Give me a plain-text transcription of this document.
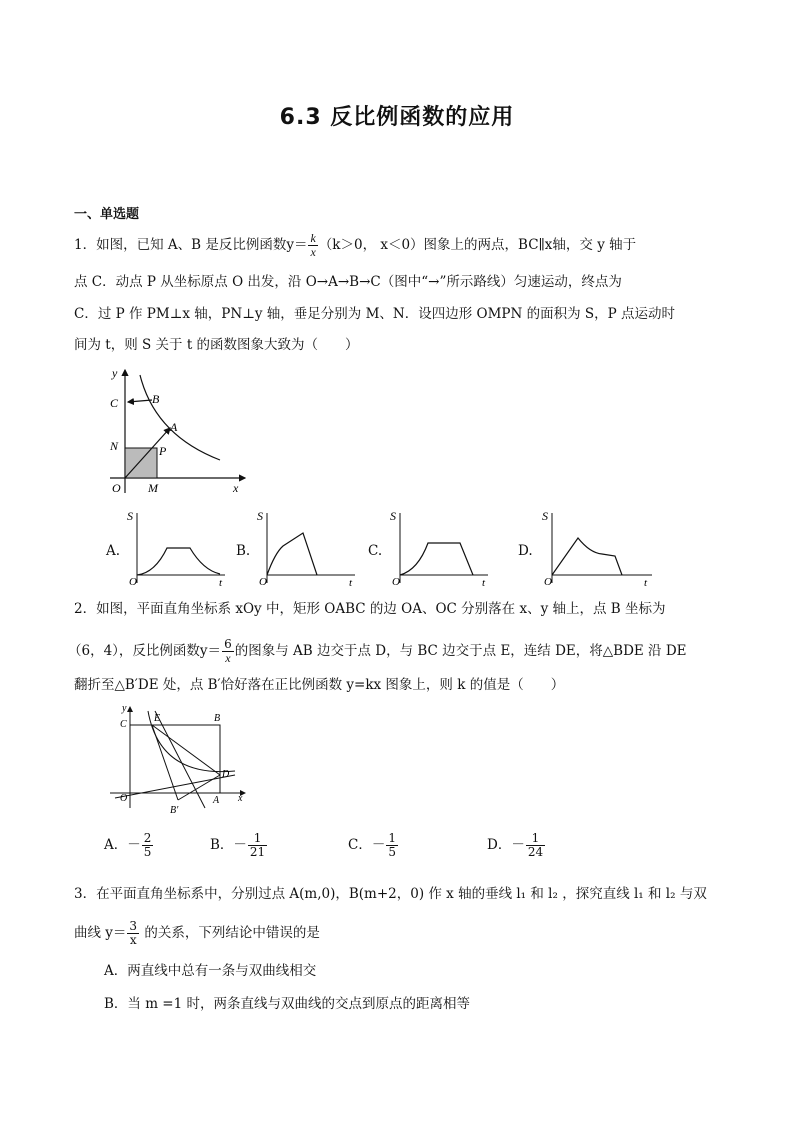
6.3 反比例函数的应用
一、单选题
1．如图，已知 A、B 是反比例函数$y= \frac{k}{x} (k>0$， x＜0）图象上的两点，BC∥x轴，交 y 轴于
点 C．动点 P 从坐标原点 O 出发，沿 O→A→B→C（图中“→”所示路线）匀速运动，终点为
C．过 P 作 PM⊥x 轴，PN⊥y 轴，垂足分别为 M、N．设四边形 OMPN 的面积为 S，P 点运动时
间为 t，则 S 关于 t 的函数图象大致为（　　）
y
x
C	B
A
N	P
O M
A.
S
O	t
B.
S
O	t
C.
S
O	t
D.
S
O	t
2．如图，平面直角坐标系 xOy 中，矩形 OABC 的边 OA、OC 分别落在 x、y 轴上，点 B 坐标为
（6，4），反比例函数$y= \frac{6}{x}$ 的图象与 AB 边交于点 D，与 BC 边交于点 E，连结 DE，将△BDE 沿 DE
翻折至△B′DE 处，点 B′恰好落在正比例函数 y=kx 图象上，则 k 的值是（　　）
y
x
C
E	B
D
O	A
B′
A．－ $\frac{2}{5}$	B．－ $\frac{1}{21}$	C．－ $\frac{1}{5}$	D．－ $\frac{1}{24}$
3．在平面直角坐标系中，分别过点 A(m,0)，B(m+2，0) 作 x 轴的垂线 l₁ 和 l₂ ，探究直线 l₁ 和 l₂ 与双
曲线 $y= \frac{3}{x}$ 的关系，下列结论中错误的是
A．两直线中总有一条与双曲线相交
B．当 m =1 时，两条直线与双曲线的交点到原点的距离相等
